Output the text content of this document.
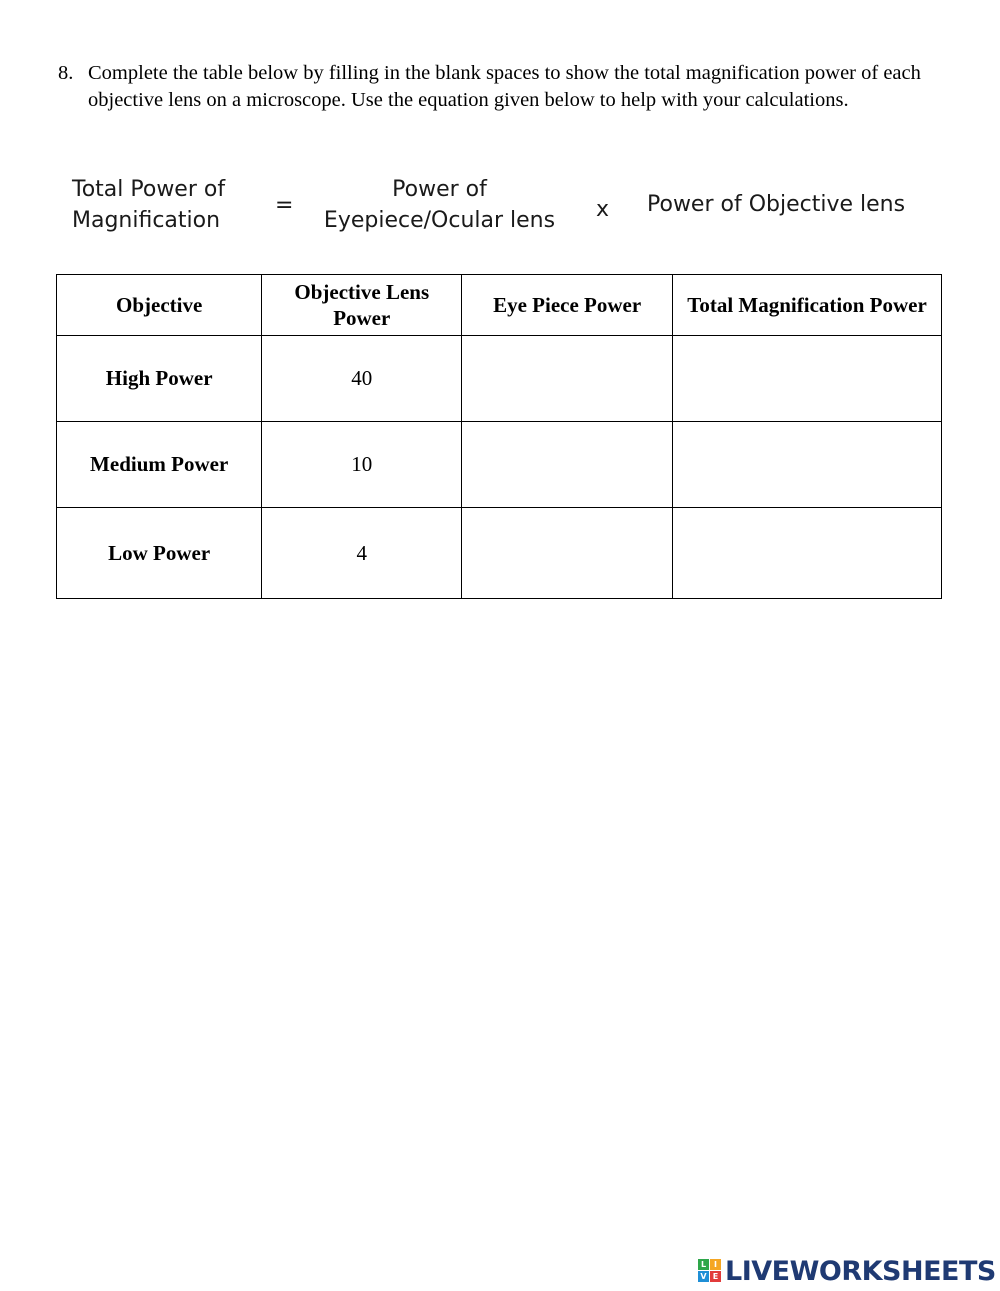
8. Complete the table below by filling in the blank spaces to show the total magnification power of each objective lens on a microscope. Use the equation given below to help with your calculations.
Total Power of
Magnification
=
Power of
Eyepiece/Ocular lens	x Power of Objective lens
Objective	Objective Lens Power	Eye Piece Power	Total Magnification Power
High Power	40		
Medium Power	10		
Low Power	4		
L I
V E LIVEWORKSHEETS
